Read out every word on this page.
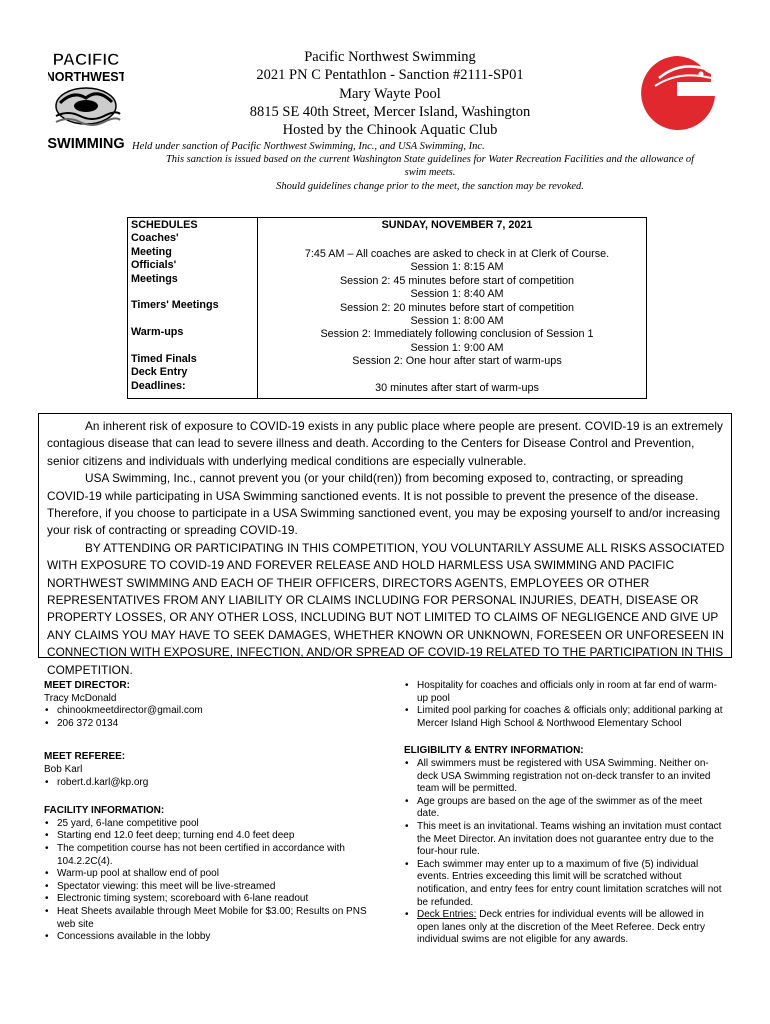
PACIFIC
NORTHWEST
SWIMMING
Pacific Northwest Swimming
2021 PN C Pentathlon - Sanction #2111-SP01
Mary Wayte Pool
8815 SE 40th Street, Mercer Island, Washington
Hosted by the Chinook Aquatic Club
Held under sanction of Pacific Northwest Swimming, Inc., and USA Swimming, Inc.
This sanction is issued based on the current Washington State guidelines for Water Recreation Facilities and the allowance of
swim meets.
Should guidelines change prior to the meet, the sanction may be revoked.
SCHEDULES
Coaches'
Meeting
Officials'
Meetings
Timers' Meetings
Warm-ups
Timed Finals
Deck Entry
Deadlines:
SUNDAY, NOVEMBER 7, 2021
7:45 AM – All coaches are asked to check in at Clerk of Course.
Session 1: 8:15 AM
Session 2: 45 minutes before start of competition
Session 1: 8:40 AM
Session 2: 20 minutes before start of competition
Session 1: 8:00 AM
Session 2: Immediately following conclusion of Session 1
Session 1: 9:00 AM
Session 2: One hour after start of warm-ups
30 minutes after start of warm-ups

An inherent risk of exposure to COVID-19 exists in any public place where people are present. COVID-19 is an extremely contagious disease that can lead to severe illness and death. According to the Centers for Disease Control and Prevention, senior citizens and individuals with underlying medical conditions are especially vulnerable.

USA Swimming, Inc., cannot prevent you (or your child(ren)) from becoming exposed to, contracting, or spreading COVID-19 while participating in USA Swimming sanctioned events. It is not possible to prevent the presence of the disease. Therefore, if you choose to participate in a USA Swimming sanctioned event, you may be exposing yourself to and/or increasing your risk of contracting or spreading COVID-19.

BY ATTENDING OR PARTICIPATING IN THIS COMPETITION, YOU VOLUNTARILY ASSUME ALL RISKS ASSOCIATED WITH EXPOSURE TO COVID-19 AND FOREVER RELEASE AND HOLD HARMLESS USA SWIMMING AND PACIFIC NORTHWEST SWIMMING AND EACH OF THEIR OFFICERS, DIRECTORS AGENTS, EMPLOYEES OR OTHER REPRESENTATIVES FROM ANY LIABILITY OR CLAIMS INCLUDING FOR PERSONAL INJURIES, DEATH, DISEASE OR PROPERTY LOSSES, OR ANY OTHER LOSS, INCLUDING BUT NOT LIMITED TO CLAIMS OF NEGLIGENCE AND GIVE UP ANY CLAIMS YOU MAY HAVE TO SEEK DAMAGES, WHETHER KNOWN OR UNKNOWN, FORESEEN OR UNFORESEEN IN CONNECTION WITH EXPOSURE, INFECTION, AND/OR SPREAD OF COVID-19 RELATED TO THE PARTICIPATION IN THIS COMPETITION.

MEET DIRECTOR:
Tracy McDonald
• chinookmeetdirector@gmail.com
• 206 372 0134
MEET REFEREE:
Bob Karl
• robert.d.karl@kp.org
FACILITY INFORMATION:
• 25 yard, 6-lane competitive pool
• Starting end 12.0 feet deep; turning end 4.0 feet deep
• The competition course has not been certified in accordance with 104.2.2C(4).
• Warm-up pool at shallow end of pool
• Spectator viewing: this meet will be live-streamed
• Electronic timing system; scoreboard with 6-lane readout
• Heat Sheets available through Meet Mobile for $3.00; Results on PNS web site
• Concessions available in the lobby
• Hospitality for coaches and officials only in room at far end of warm-up pool
• Limited pool parking for coaches & officials only; additional parking at Mercer Island High School & Northwood Elementary School
ELIGIBILITY & ENTRY INFORMATION:
• All swimmers must be registered with USA Swimming. Neither on-deck USA Swimming registration not on-deck transfer to an invited team will be permitted.
• Age groups are based on the age of the swimmer as of the meet date.
• This meet is an invitational. Teams wishing an invitation must contact the Meet Director. An invitation does not guarantee entry due to the four-hour rule.
• Each swimmer may enter up to a maximum of five (5) individual events. Entries exceeding this limit will be scratched without notification, and entry fees for entry count limitation scratches will not be refunded.
• Deck Entries: Deck entries for individual events will be allowed in open lanes only at the discretion of the Meet Referee. Deck entry individual swims are not eligible for any awards.
